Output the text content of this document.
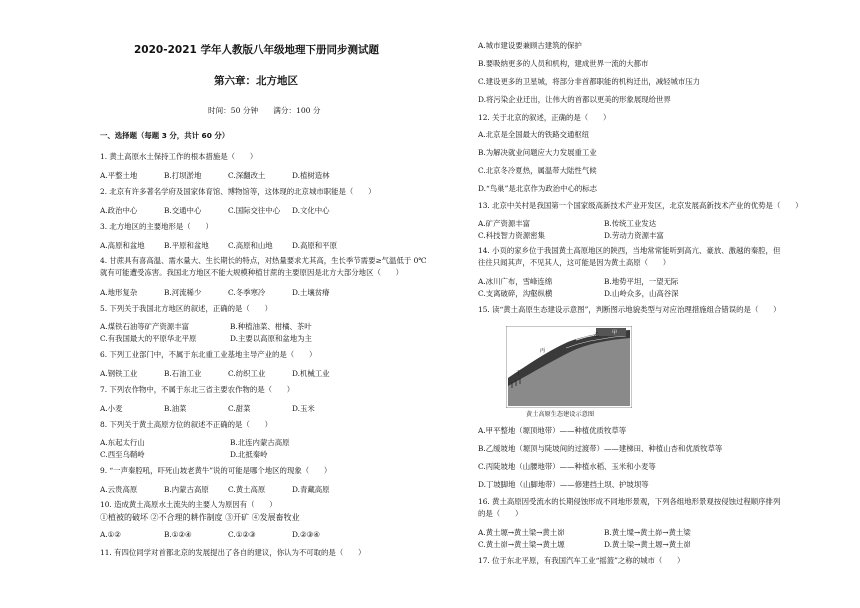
2020-2021 学年人教版八年级地理下册同步测试题
第六章：北方地区
时间：50 分钟　　满分：100 分
一、选择题（每题 3 分，共计 60 分）
1. 黄土高原水土保持工作的根本措施是（　　）
A.平整土地	B.打坝淤地	C.深翻改土	D.植树造林
2. 北京有许多著名学府及国家体育馆、博物馆等，这体现的北京城市职能是（　　）
A.政治中心	B.交通中心	C.国际交往中心	D.文化中心
3. 北方地区的主要地形是（　　）
A.高原和盆地	B.平原和盆地	C.高原和山地	D.高原和平原
4. 甘蔗具有喜高温、需水量大、生长期长的特点，对热量要求尤其高，生长季节需要≥气温低于 0℃
就有可能遭受冻害。我国北方地区不能大规模种植甘蔗的主要原因是北方大部分地区（　　）
A.地形复杂	B.河流稀少	C.冬季寒冷	D.土壤贫瘠
5. 下列关于我国北方地区的叙述，正确的是（　　）
A.煤铁石油等矿产资源丰富	B.种植油菜、柑橘、茶叶
C.有我国最大的平原华北平原	D.主要以高原和盆地为主
6. 下列工业部门中，不属于东北重工业基地主导产业的是（　　）
A.钢铁工业	B.石油工业	C.纺织工业	D.机械工业
7. 下列农作物中，不属于东北三省主要农作物的是（　　）
A.小麦	B.油菜	C.甜菜	D.玉米
8. 下列关于黄土高原方位的叙述不正确的是（　　）
A.东起太行山	B.北连内蒙古高原
C.西至乌鞘岭	D.北抵秦岭
9. “一声秦腔吼，吓死山坡老黄牛”说的可能是哪个地区的现象（　　）
A.云贵高原	B.内蒙古高原	C.黄土高原	D.青藏高原
10. 造成黄土高原水土流失的主要人为原因有（　　）
①植被的破坏 ②不合理的耕作制度 ③开矿 ④发展畜牧业
A.①②	B.①②④	C.①②③	D.②③④
11. 有四位同学对首都北京的发展提出了各自的建议，你认为不可取的是（　　）
A.城市建设要兼顾古建筑的保护
B.要吸纳更多的人员和机构，建成世界一流的大都市
C.建设更多的卫星城，将部分非首都职能的机构迁出，减轻城市压力
D.将污染企业迁出，让伟大的首都以更美的形象展现给世界
12. 关于北京的叙述，正确的是（　　）
A.北京是全国最大的铁路交通枢纽
B.为解决就业问题应大力发展重工业
C.北京冬冷夏热，属温带大陆性气候
D.“鸟巢”是北京作为政治中心的标志
13. 北京中关村是我国第一个国家级高新技术产业开发区，北京发展高新技术产业的优势是（　　）
A.矿产资源丰富	B.传统工业发达
C.科技智力资源密集	D.劳动力资源丰富
14. 小页的家乡位于我国黄土高原地区的陕西，当地常常能听到高亢、豪放、激越的秦腔，但
往往只闻其声，不见其人，这可能是因为黄土高原（　　）
A.冰川广布，雪峰连绵	B.地势平坦，一望无际
C.支离破碎，沟壑纵横	D.山岭众多，山高谷深
15. 读“黄土高原生态建设示意图”，判断图示地貌类型与对应治理措施组合错误的是（　　）
甲
乙
丙
丁
黄土高原生态建设示意图
A.甲平整地（塬顶地带）——种植优质牧草等
B.乙缓坡地（塬顶与陡坡间的过渡带）——建梯田、种植山杏和优质牧草等
C.丙陡坡地（山腰地带）——种植水稻、玉米和小麦等
D.丁坡脚地（山脚地带）——修建挡土坝、护坡坝等
16. 黄土高原因受流水的长期侵蚀形成不同地形景观，下列各组地形景观按侵蚀过程顺序排列
的是（　　）
A.黄土塬→黄土梁→黄土峁	B.黄土墚→黄土峁→黄土梁
C.黄土峁→黄土梁→黄土塬	D.黄土梁→黄土塬→黄土峁
17. 位于东北平原，有我国汽车工业“摇篮”之称的城市（　　）
